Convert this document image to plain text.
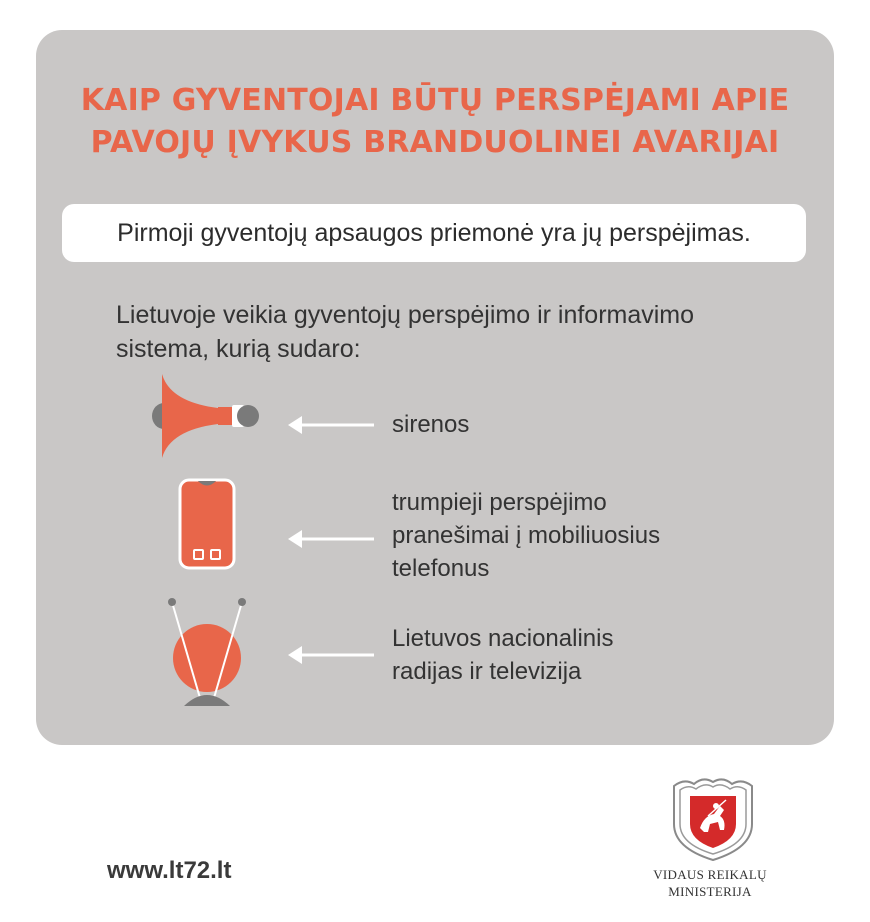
KAIP GYVENTOJAI BŪTŲ PERSPĖJAMI APIE
PAVOJŲ ĮVYKUS BRANDUOLINEI AVARIJAI
Pirmoji gyventojų apsaugos priemonė yra jų perspėjimas.
Lietuvoje veikia gyventojų perspėjimo ir informavimo
sistema, kurią sudaro:
sirenos
trumpieji perspėjimo
pranešimai į mobiliuosius
telefonus
Lietuvos nacionalinis
radijas ir televizija
www.lt72.lt	VIDAUS REIKALŲ
MINISTERIJA
